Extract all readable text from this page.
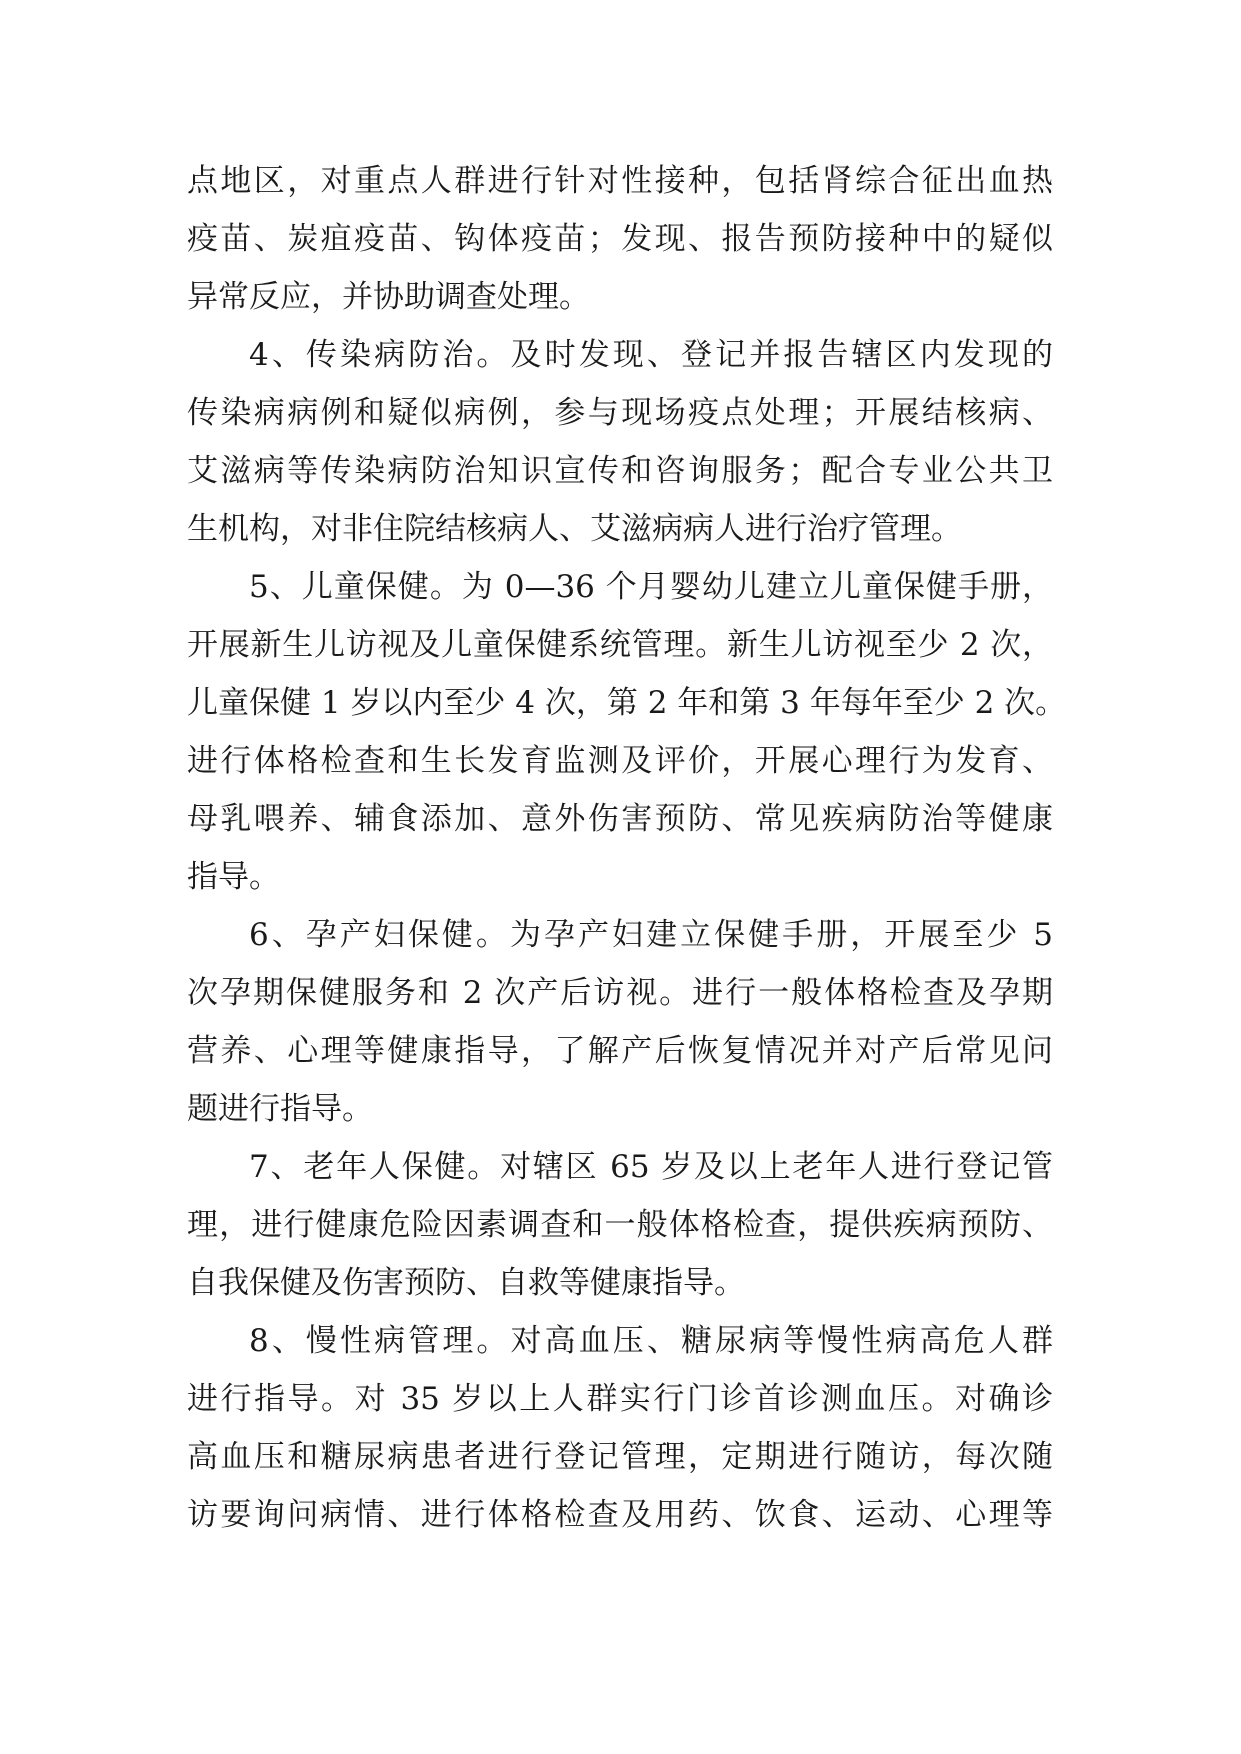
点地区，对重点人群进行针对性接种，包括肾综合征出血热
疫苗、炭疽疫苗、钩体疫苗；发现、报告预防接种中的疑似
异常反应，并协助调查处理。
4、传染病防治。及时发现、登记并报告辖区内发现的
传染病病例和疑似病例，参与现场疫点处理；开展结核病、
艾滋病等传染病防治知识宣传和咨询服务；配合专业公共卫
生机构，对非住院结核病人、艾滋病病人进行治疗管理。
5、儿童保健。为 0—36 个月婴幼儿建立儿童保健手册，
开展新生儿访视及儿童保健系统管理。新生儿访视至少 2 次，
儿童保健 1 岁以内至少 4 次，第 2 年和第 3 年每年至少 2 次。
进行体格检查和生长发育监测及评价，开展心理行为发育、
母乳喂养、辅食添加、意外伤害预防、常见疾病防治等健康
指导。
6、孕产妇保健。为孕产妇建立保健手册，开展至少 5
次孕期保健服务和 2 次产后访视。进行一般体格检查及孕期
营养、心理等健康指导，了解产后恢复情况并对产后常见问
题进行指导。
7、老年人保健。对辖区 65 岁及以上老年人进行登记管
理，进行健康危险因素调查和一般体格检查，提供疾病预防、
自我保健及伤害预防、自救等健康指导。
8、慢性病管理。对高血压、糖尿病等慢性病高危人群
进行指导。对 35 岁以上人群实行门诊首诊测血压。对确诊
高血压和糖尿病患者进行登记管理，定期进行随访，每次随
访要询问病情、进行体格检查及用药、饮食、运动、心理等
